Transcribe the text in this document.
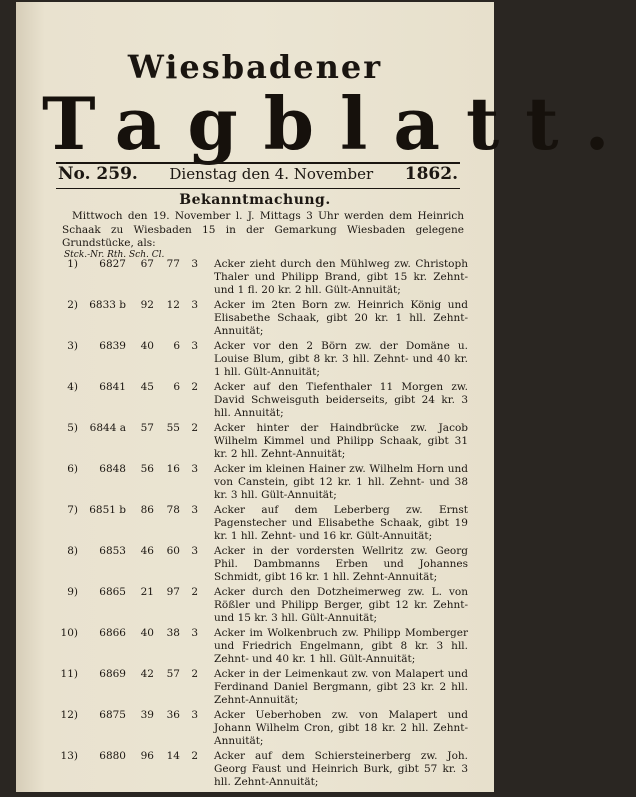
Wiesbadener
Tagblatt.
No. 259. Dienstag den 4. November 1862.
Bekanntmachung.
Mittwoch den 19. November l. J. Mittags 3 Uhr werden dem Heinrich Schaak zu Wiesbaden 15 in der Gemarkung Wiesbaden gelegene Grundstücke, als:
Stck.-Nr. Rth. Sch. Cl.
1)	6827	67	77	3 Acker zieht durch den Mühlweg zw. Christoph Thaler und Philipp Brand, gibt 15 kr. Zehnt- und 1 fl. 20 kr. 2 hll. Gült-Annuität;
2)	6833 b	92	12	3 Acker im 2ten Born zw. Heinrich König und Elisabethe Schaak, gibt 20 kr. 1 hll. Zehnt-Annuität;
3)	6839	40	6	3 Acker vor den 2 Börn zw. der Domäne u. Louise Blum, gibt 8 kr. 3 hll. Zehnt- und 40 kr. 1 hll. Gült-Annuität;
4)	6841	45	6	2 Acker auf den Tiefenthaler 11 Morgen zw. David Schweisguth beiderseits, gibt 24 kr. 3 hll. Annuität;
5)	6844 a	57	55	2 Acker hinter der Haindbrücke zw. Jacob Wilhelm Kimmel und Philipp Schaak, gibt 31 kr. 2 hll. Zehnt-Annuität;
6)	6848	56	16	3 Acker im kleinen Hainer zw. Wilhelm Horn und von Canstein, gibt 12 kr. 1 hll. Zehnt- und 38 kr. 3 hll. Gült-Annuität;
7)	6851 b	86	78	3 Acker auf dem Leberberg zw. Ernst Pagenstecher und Elisabethe Schaak, gibt 19 kr. 1 hll. Zehnt- und 16 kr. Gült-Annuität;
8)	6853	46	60	3 Acker in der vordersten Wellritz zw. Georg Phil. Dambmanns Erben und Johannes Schmidt, gibt 16 kr. 1 hll. Zehnt-Annuität;
9)	6865	21	97	2 Acker durch den Dotzheimerweg zw. L. von Rößler und Philipp Berger, gibt 12 kr. Zehnt- und 15 kr. 3 hll. Gült-Annuität;
10)	6866	40	38	3 Acker im Wolkenbruch zw. Philipp Momberger und Friedrich Engelmann, gibt 8 kr. 3 hll. Zehnt- und 40 kr. 1 hll. Gült-Annuität;
11)	6869	42	57	2 Acker in der Leimenkaut zw. von Malapert und Ferdinand Daniel Bergmann, gibt 23 kr. 2 hll. Zehnt-Annuität;
12)	6875	39	36	3 Acker Ueberhoben zw. von Malapert und Johann Wilhelm Cron, gibt 18 kr. 2 hll. Zehnt-Annuität;
13)	6880	96	14	2 Acker auf dem Schiersteinerberg zw. Joh. Georg Faust und Heinrich Burk, gibt 57 kr. 3 hll. Zehnt-Annuität;
